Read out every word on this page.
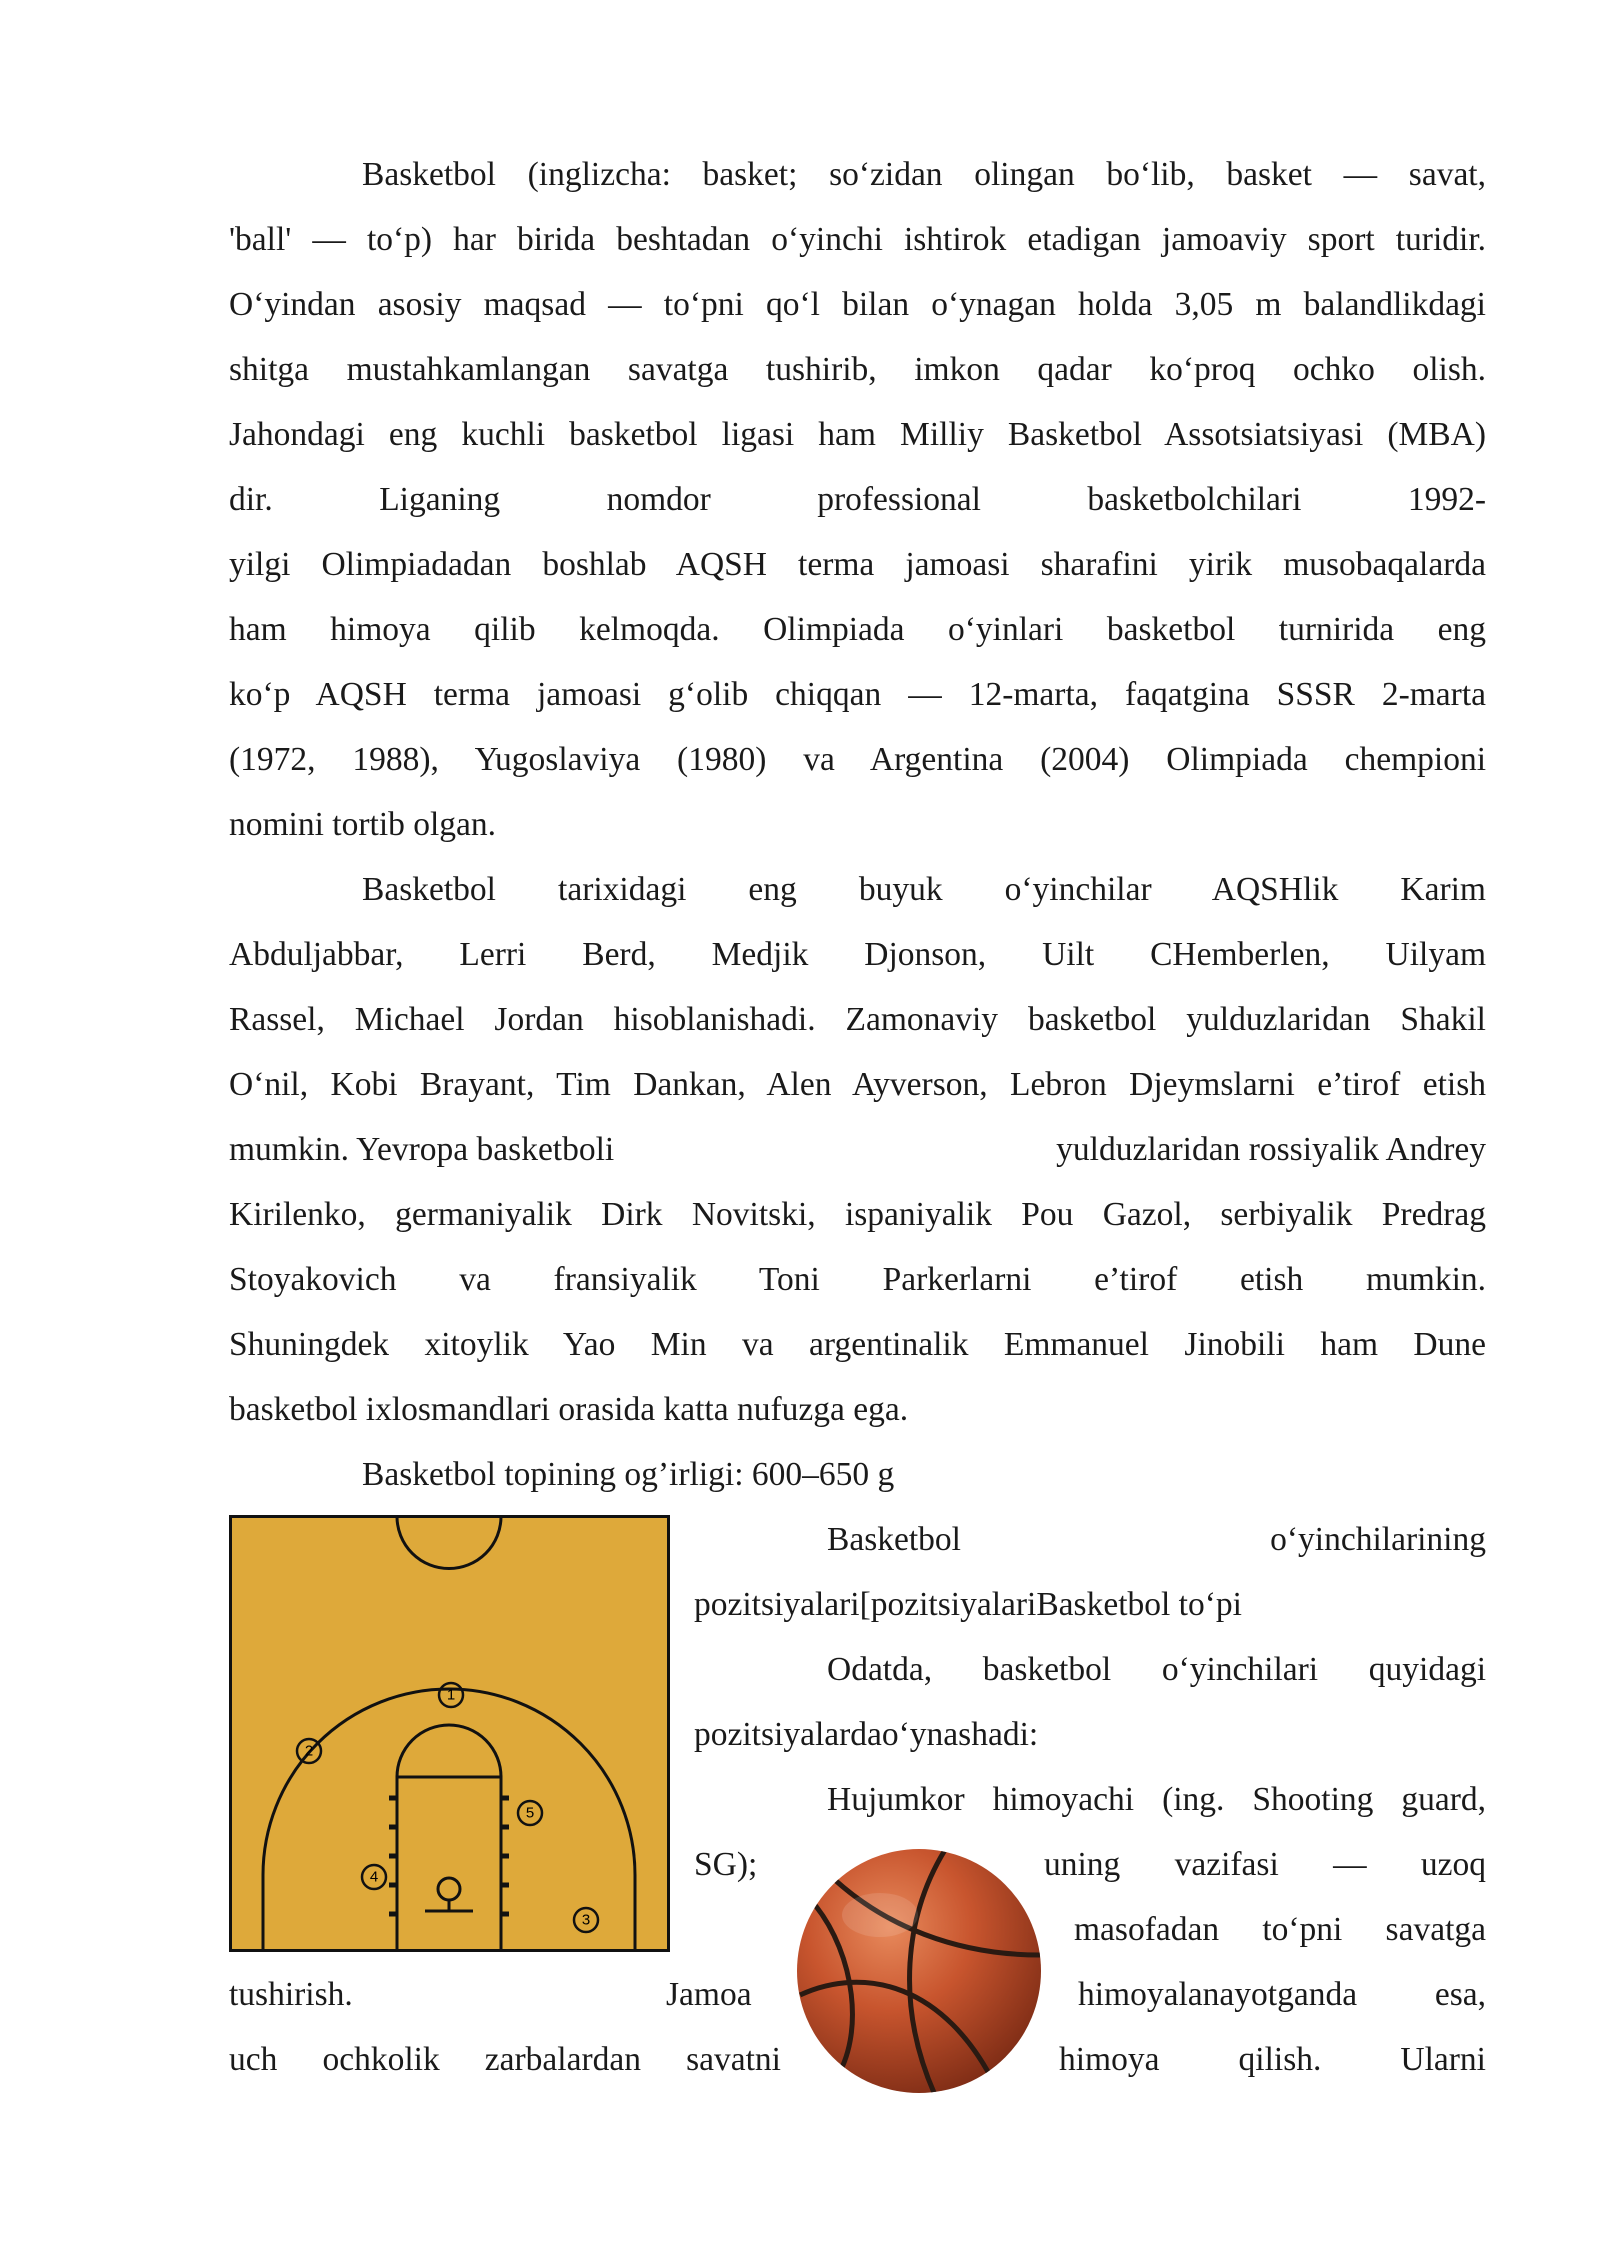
Basketbol (inglizcha: basket; so‘zidan olingan bo‘lib, basket — savat,
'ball' — to‘p) har birida beshtadan o‘yinchi ishtirok etadigan jamoaviy sport turidir.
O‘yindan asosiy maqsad — to‘pni qo‘l bilan o‘ynagan holda 3,05 m balandlikdagi
shitga mustahkamlangan savatga tushirib, imkon qadar ko‘proq ochko olish.
Jahondagi eng kuchli basketbol ligasi ham Milliy Basketbol Assotsiatsiyasi (MBA)
dir. Liganing nomdor professional basketbolchilari 1992-
yilgi Olimpiadadan boshlab AQSH terma jamoasi sharafini yirik musobaqalarda
ham himoya qilib kelmoqda. Olimpiada o‘yinlari basketbol turnirida eng
ko‘p AQSH terma jamoasi g‘olib chiqqan — 12-marta, faqatgina SSSR 2-marta
(1972, 1988), Yugoslaviya (1980) va Argentina (2004) Olimpiada chempioni
nomini tortib olgan.
Basketbol tarixidagi eng buyuk o‘yinchilar AQSHlik Karim
Abduljabbar, Lerri Berd, Medjik Djonson, Uilt CHemberlen, Uilyam
Rassel, Michael Jordan hisoblanishadi. Zamonaviy basketbol yulduzlaridan Shakil
O‘nil, Kobi Brayant, Tim Dankan, Alen Ayverson, Lebron Djeymslarni e’tirof etish
mumkin. Yevropa basketboli	yulduzlaridan rossiyalik Andrey
Kirilenko, germaniyalik Dirk Novitski, ispaniyalik Pou Gazol, serbiyalik Predrag
Stoyakovich va fransiyalik Toni Parkerlarni e’tirof etish mumkin.
Shuningdek xitoylik Yao Min va argentinalik Emmanuel Jinobili ham Dune
basketbol ixlosmandlari orasida katta nufuzga ega.
Basketbol topining og’irligi: 600–650 g
Basketbol o‘yinchilarining
pozitsiyalari[pozitsiyalariBasketbol to‘pi
Odatda, basketbol o‘yinchilari quyidagi
pozitsiyalardao‘ynashadi:
Hujumkor himoyachi (ing. Shooting guard,
SG);	uning vazifasi — uzoq
masofadan to‘pni savatga
tushirish.	Jamoa	himoyalanayotganda esa,
uch ochkolik zarbalardan savatni	himoya qilish. Ularni
1
2
3
4
5
